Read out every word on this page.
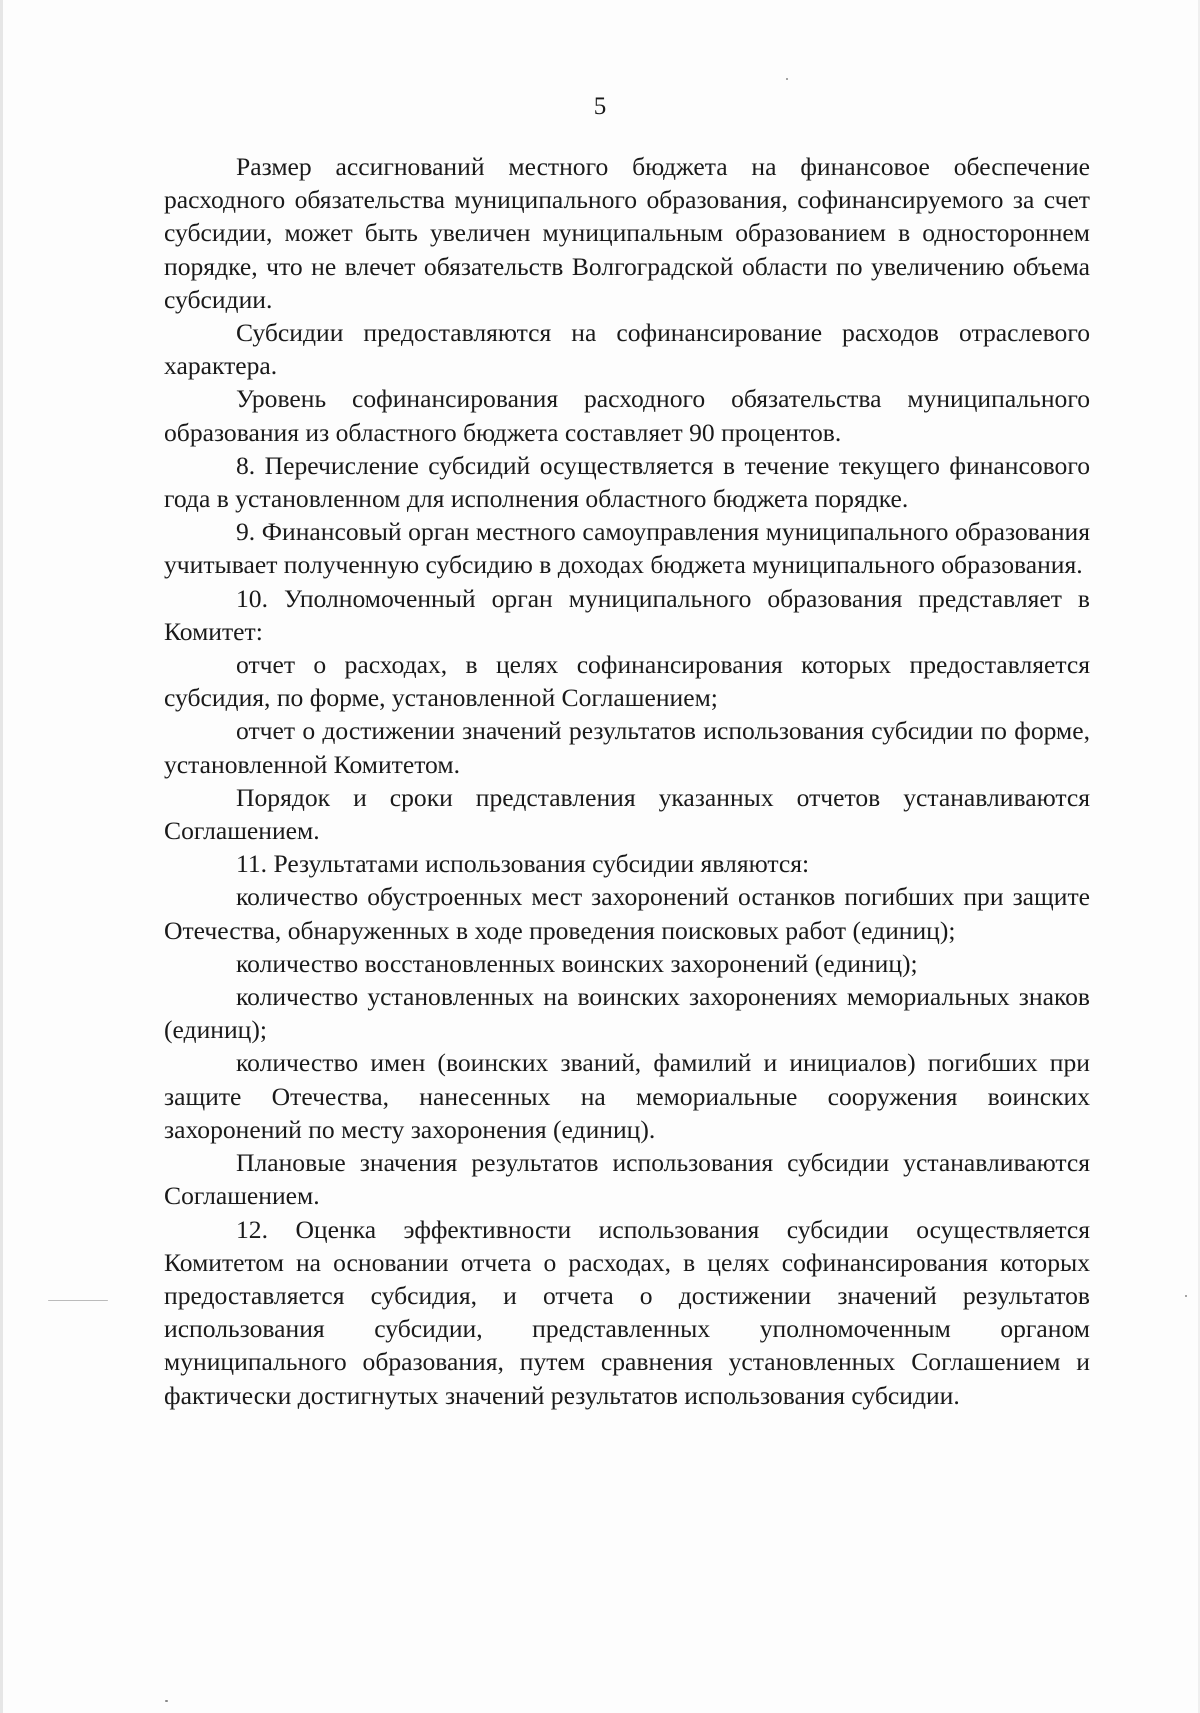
5

Размер ассигнований местного бюджета на финансовое обеспечение расходного обязательства муниципального образования, софинансируемого за счет субсидии, может быть увеличен муниципальным образованием в одностороннем порядке, что не влечет обязательств Волгоградской области по увеличению объема субсидии.

Субсидии предоставляются на софинансирование расходов отраслевого характера.

Уровень софинансирования расходного обязательства муниципального образования из областного бюджета составляет 90 процентов.

8. Перечисление субсидий осуществляется в течение текущего финансового года в установленном для исполнения областного бюджета порядке.

9. Финансовый орган местного самоуправления муниципального образования учитывает полученную субсидию в доходах бюджета муниципального образования.

10. Уполномоченный орган муниципального образования представляет в Комитет:

отчет о расходах, в целях софинансирования которых предоставляется субсидия, по форме, установленной Соглашением;

отчет о достижении значений результатов использования субсидии по форме, установленной Комитетом.

Порядок и сроки представления указанных отчетов устанавливаются Соглашением.

11. Результатами использования субсидии являются:

количество обустроенных мест захоронений останков погибших при защите Отечества, обнаруженных в ходе проведения поисковых работ (единиц);

количество восстановленных воинских захоронений (единиц);

количество установленных на воинских захоронениях мемориальных знаков (единиц);

количество имен (воинских званий, фамилий и инициалов) погибших при защите Отечества, нанесенных на мемориальные сооружения воинских захоронений по месту захоронения (единиц).

Плановые значения результатов использования субсидии устанавливаются Соглашением.

12. Оценка эффективности использования субсидии осуществляется Комитетом на основании отчета о расходах, в целях софинансирования которых предоставляется субсидия, и отчета о достижении значений результатов использования субсидии, представленных уполномоченным органом муниципального образования, путем сравнения установленных Соглашением и фактически достигнутых значений результатов использования субсидии.
